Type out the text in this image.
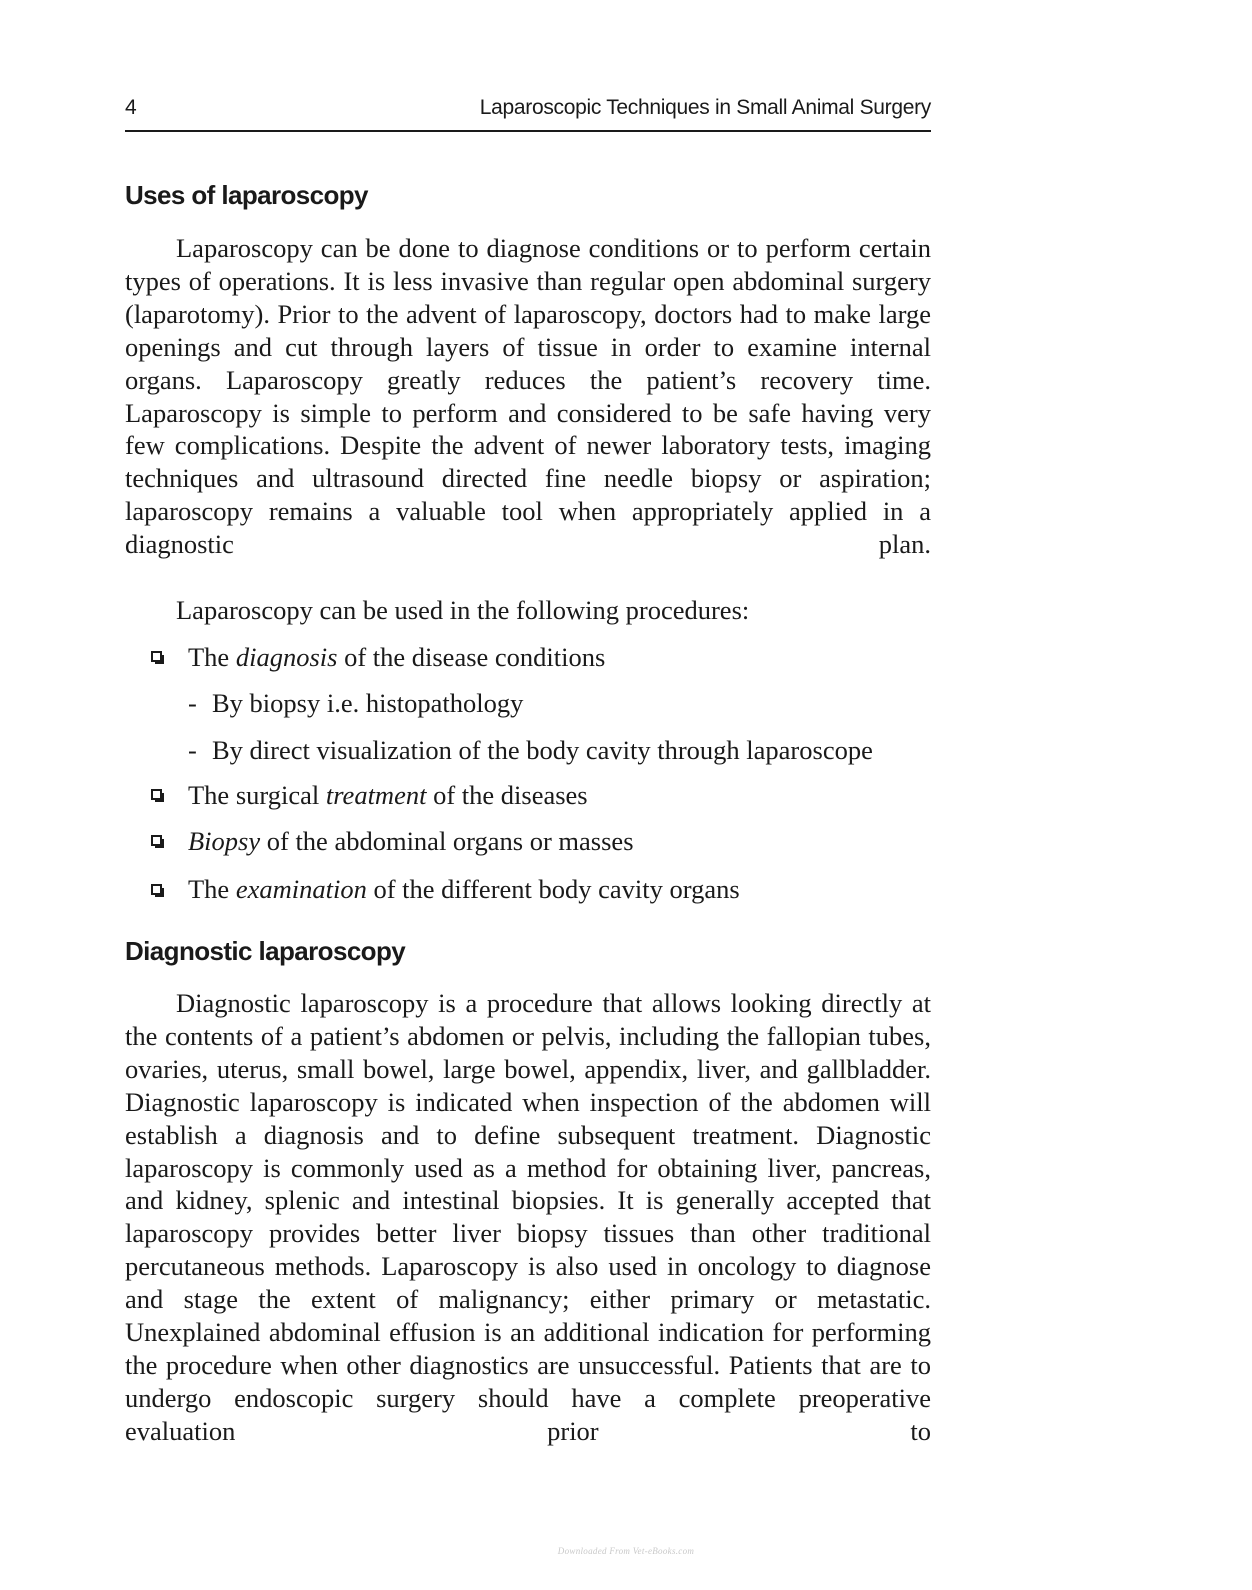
4	Laparoscopic Techniques in Small Animal Surgery
Uses of laparoscopy

Laparoscopy can be done to diagnose conditions or to perform certain types of operations. It is less invasive than regular open abdominal surgery (laparotomy). Prior to the advent of laparoscopy, doctors had to make large openings and cut through layers of tissue in order to examine internal organs. Laparoscopy greatly reduces the patient’s recovery time. Laparoscopy is simple to perform and considered to be safe having very few complications. Despite the advent of newer laboratory tests, imaging techniques and ultrasound directed fine needle biopsy or aspiration; laparoscopy remains a valuable tool when appropriately applied in a diagnostic plan.

Laparoscopy can be used in the following procedures:

The diagnosis of the disease conditions

- By biopsy i.e. histopathology

- By direct visualization of the body cavity through laparoscope

The surgical treatment of the diseases

Biopsy of the abdominal organs or masses

The examination of the different body cavity organs

Diagnostic laparoscopy

Diagnostic laparoscopy is a procedure that allows looking directly at the contents of a patient’s abdomen or pelvis, including the fallopian tubes, ovaries, uterus, small bowel, large bowel, appendix, liver, and gallbladder. Diagnostic laparoscopy is indicated when inspection of the abdomen will establish a diagnosis and to define subsequent treatment. Diagnostic laparoscopy is commonly used as a method for obtaining liver, pancreas, and kidney, splenic and intestinal biopsies. It is generally accepted that laparoscopy provides better liver biopsy tissues than other traditional percutaneous methods. Laparoscopy is also used in oncology to diagnose and stage the extent of malignancy; either primary or metastatic. Unexplained abdominal effusion is an additional indication for performing the procedure when other diagnostics are unsuccessful. Patients that are to undergo endoscopic surgery should have a complete preoperative evaluation prior to

Downloaded From Vet-eBooks.com
